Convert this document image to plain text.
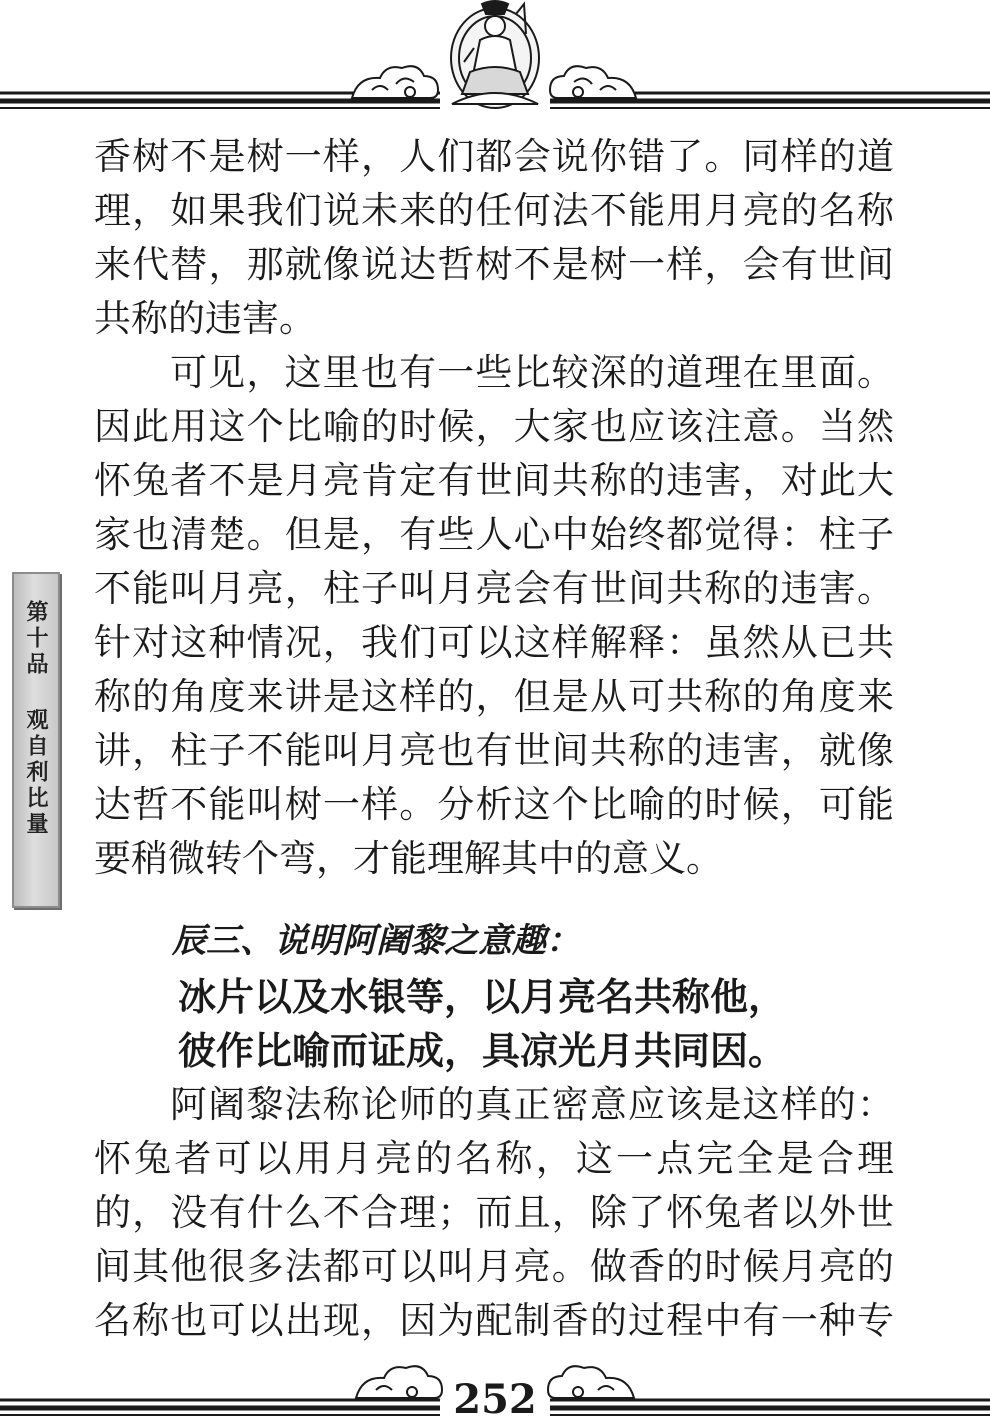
第十品 观自利比量
香树不是树一样，人们都会说你错了。同样的道
理，如果我们说未来的任何法不能用月亮的名称
来代替，那就像说达哲树不是树一样，会有世间
共称的违害。
可见，这里也有一些比较深的道理在里面。
因此用这个比喻的时候，大家也应该注意。当然
怀兔者不是月亮肯定有世间共称的违害，对此大
家也清楚。但是，有些人心中始终都觉得：柱子
不能叫月亮，柱子叫月亮会有世间共称的违害。
针对这种情况，我们可以这样解释：虽然从已共
称的角度来讲是这样的，但是从可共称的角度来
讲，柱子不能叫月亮也有世间共称的违害，就像
达哲不能叫树一样。分析这个比喻的时候，可能
要稍微转个弯，才能理解其中的意义。
辰三、说明阿阇黎之意趣：
冰片以及水银等，以月亮名共称他，
彼作比喻而证成，具凉光月共同因。
阿阇黎法称论师的真正密意应该是这样的：
怀兔者可以用月亮的名称，这一点完全是合理
的，没有什么不合理；而且，除了怀兔者以外世
间其他很多法都可以叫月亮。做香的时候月亮的
名称也可以出现，因为配制香的过程中有一种专
252
